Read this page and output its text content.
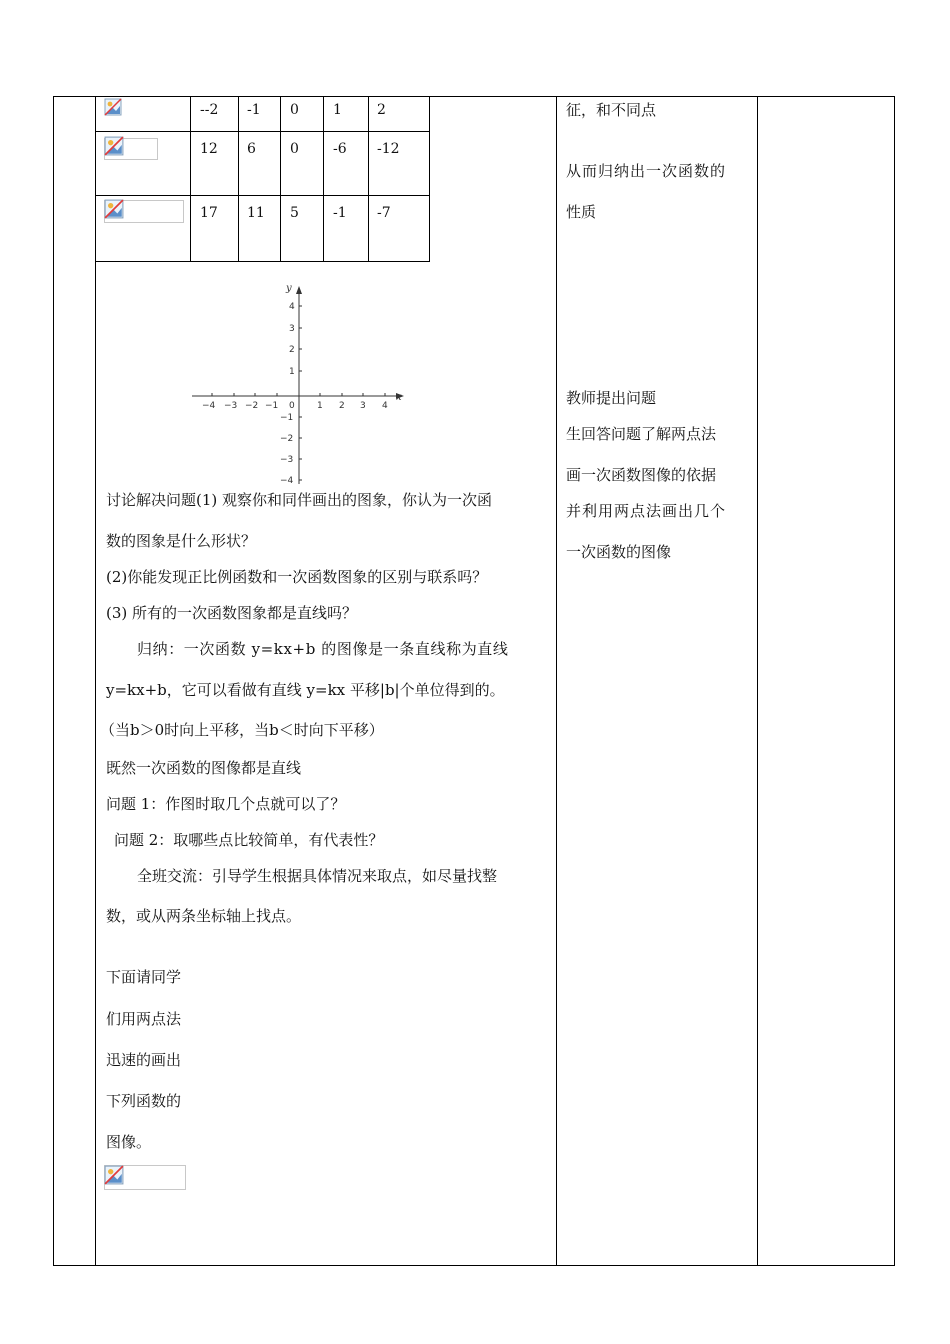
--2 -1 0 1	2
12 6 0 -6 -12
17 11 5 -1 -7
y
x
0
−4 −3 −2 −1	1 2 3 4
4
3
2
1
−1
−2
−3
−4
讨论解决问题(1) 观察你和同伴画出的图象，你认为一次函
数的图象是什么形状？
(2)你能发现正比例函数和一次函数图象的区别与联系吗？
(3) 所有的一次函数图象都是直线吗？
归纳：一次函数 y=kx+b 的图像是一条直线称为直线
y=kx+b，它可以看做有直线 y=kx 平移|b|个单位得到的。
（当b＞0时向上平移，当b＜时向下平移）
既然一次函数的图像都是直线
问题 1：作图时取几个点就可以了？
问题 2：取哪些点比较简单，有代表性？
全班交流：引导学生根据具体情况来取点，如尽量找整
数，或从两条坐标轴上找点。
下面请同学
们用两点法
迅速的画出
下列函数的
图像。
征，和不同点
从而归纳出一次函数的
性质
教师提出问题
生回答问题了解两点法
画一次函数图像的依据
并利用两点法画出几个
一次函数的图像
